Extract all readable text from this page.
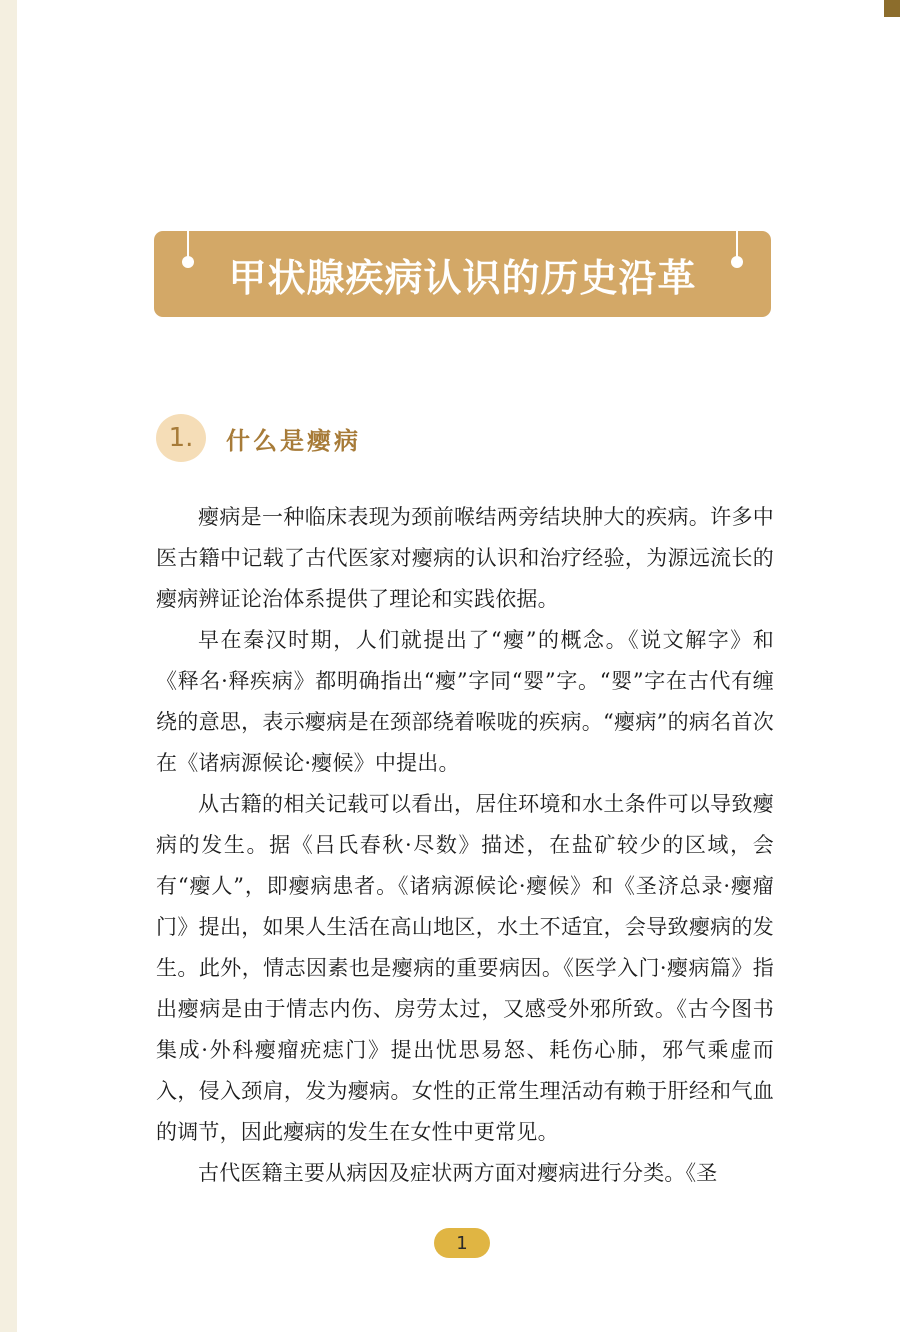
甲状腺疾病认识的历史沿革
1.	什么是瘿病

瘿病是一种临床表现为颈前喉结两旁结块肿大的疾病。许多中医古籍中记载了古代医家对瘿病的认识和治疗经验，为源远流长的瘿病辨证论治体系提供了理论和实践依据。

早在秦汉时期，人们就提出了“瘿”的概念。《说文解字》和《释名·释疾病》都明确指出“瘿”字同“婴”字。“婴”字在古代有缠绕的意思，表示瘿病是在颈部绕着喉咙的疾病。“瘿病”的病名首次在《诸病源候论·瘿候》中提出。

从古籍的相关记载可以看出，居住环境和水土条件可以导致瘿病的发生。据《吕氏春秋·尽数》描述，在盐矿较少的区域，会有“瘿人”，即瘿病患者。《诸病源候论·瘿候》和《圣济总录·瘿瘤门》提出，如果人生活在高山地区，水土不适宜，会导致瘿病的发生。此外，情志因素也是瘿病的重要病因。《医学入门·瘿病篇》指出瘿病是由于情志内伤、房劳太过，又感受外邪所致。《古今图书集成·外科瘿瘤疣痣门》提出忧思易怒、耗伤心肺，邪气乘虚而入，侵入颈肩，发为瘿病。女性的正常生理活动有赖于肝经和气血的调节，因此瘿病的发生在女性中更常见。

古代医籍主要从病因及症状两方面对瘿病进行分类。《圣

1
